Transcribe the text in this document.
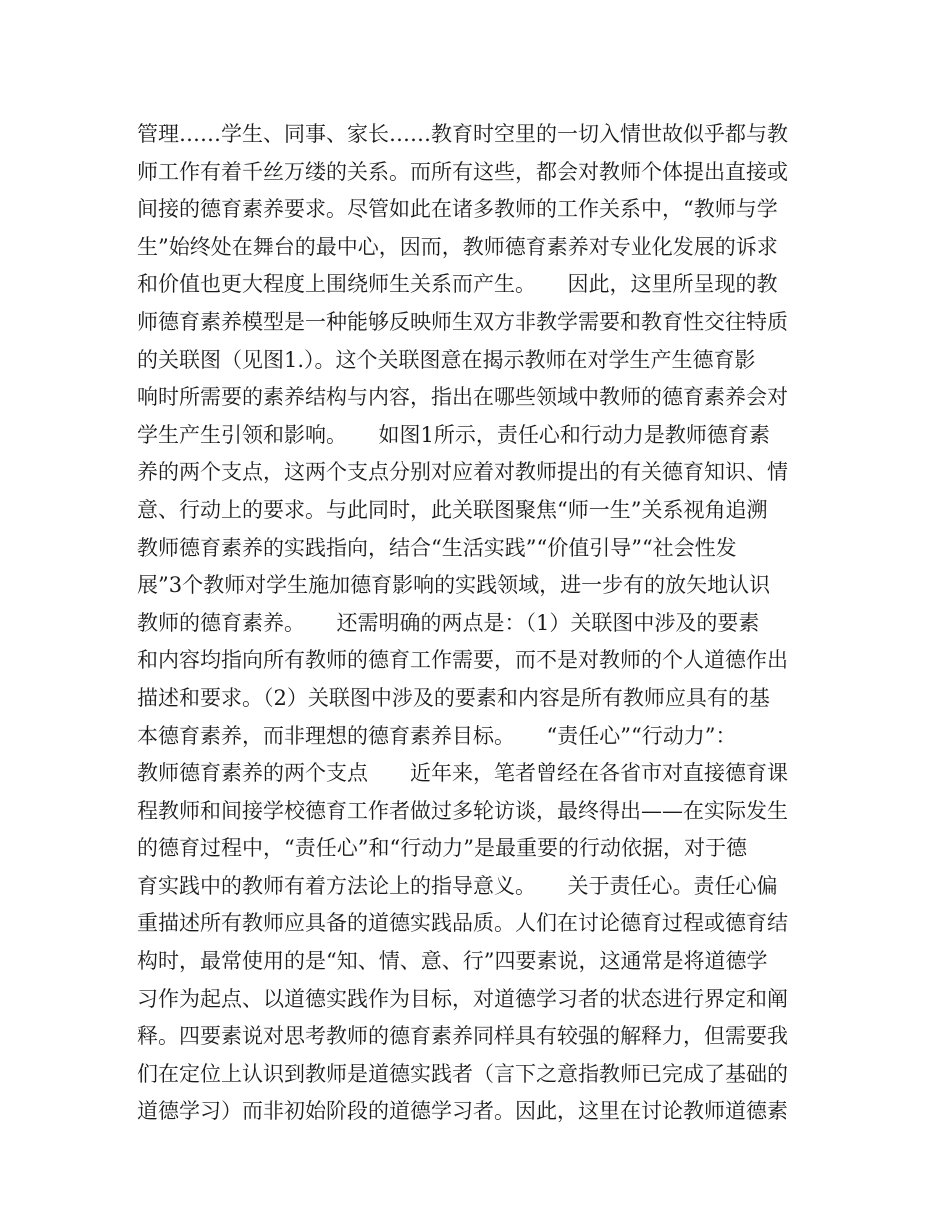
管理……学生、同事、家长……教育时空里的一切入情世故似乎都与教
师工作有着千丝万缕的关系。而所有这些，都会对教师个体提出直接或
间接的德育素养要求。尽管如此在诸多教师的工作关系中，“教师与学
生”始终处在舞台的最中心，因而，教师德育素养对专业化发展的诉求
和价值也更大程度上围绕师生关系而产生。　　因此，这里所呈现的教
师德育素养模型是一种能够反映师生双方非教学需要和教育性交往特质
的关联图（见图1.）。这个关联图意在揭示教师在对学生产生德育影
响时所需要的素养结构与内容，指出在哪些领域中教师的德育素养会对
学生产生引领和影响。　　如图1所示，责任心和行动力是教师德育素
养的两个支点，这两个支点分别对应着对教师提出的有关德育知识、情
意、行动上的要求。与此同时，此关联图聚焦“师一生”关系视角追溯
教师德育素养的实践指向，结合“生活实践”“价值引导”“社会性发
展”3个教师对学生施加德育影响的实践领域，进一步有的放矢地认识
教师的德育素养。　　还需明确的两点是：（1）关联图中涉及的要素
和内容均指向所有教师的德育工作需要，而不是对教师的个人道德作出
描述和要求。（2）关联图中涉及的要素和内容是所有教师应具有的基
本德育素养，而非理想的德育素养目标。　　“责任心”“行动力”：
教师德育素养的两个支点　　近年来，笔者曾经在各省市对直接德育课
程教师和间接学校德育工作者做过多轮访谈，最终得出——在实际发生
的德育过程中，“责任心”和“行动力”是最重要的行动依据，对于德
育实践中的教师有着方法论上的指导意义。　　关于责任心。责任心偏
重描述所有教师应具备的道德实践品质。人们在讨论德育过程或德育结
构时，最常使用的是“知、情、意、行”四要素说，这通常是将道德学
习作为起点、以道德实践作为目标，对道德学习者的状态进行界定和阐
释。四要素说对思考教师的德育素养同样具有较强的解释力，但需要我
们在定位上认识到教师是道德实践者（言下之意指教师已完成了基础的
道德学习）而非初始阶段的道德学习者。因此，这里在讨论教师道德素
